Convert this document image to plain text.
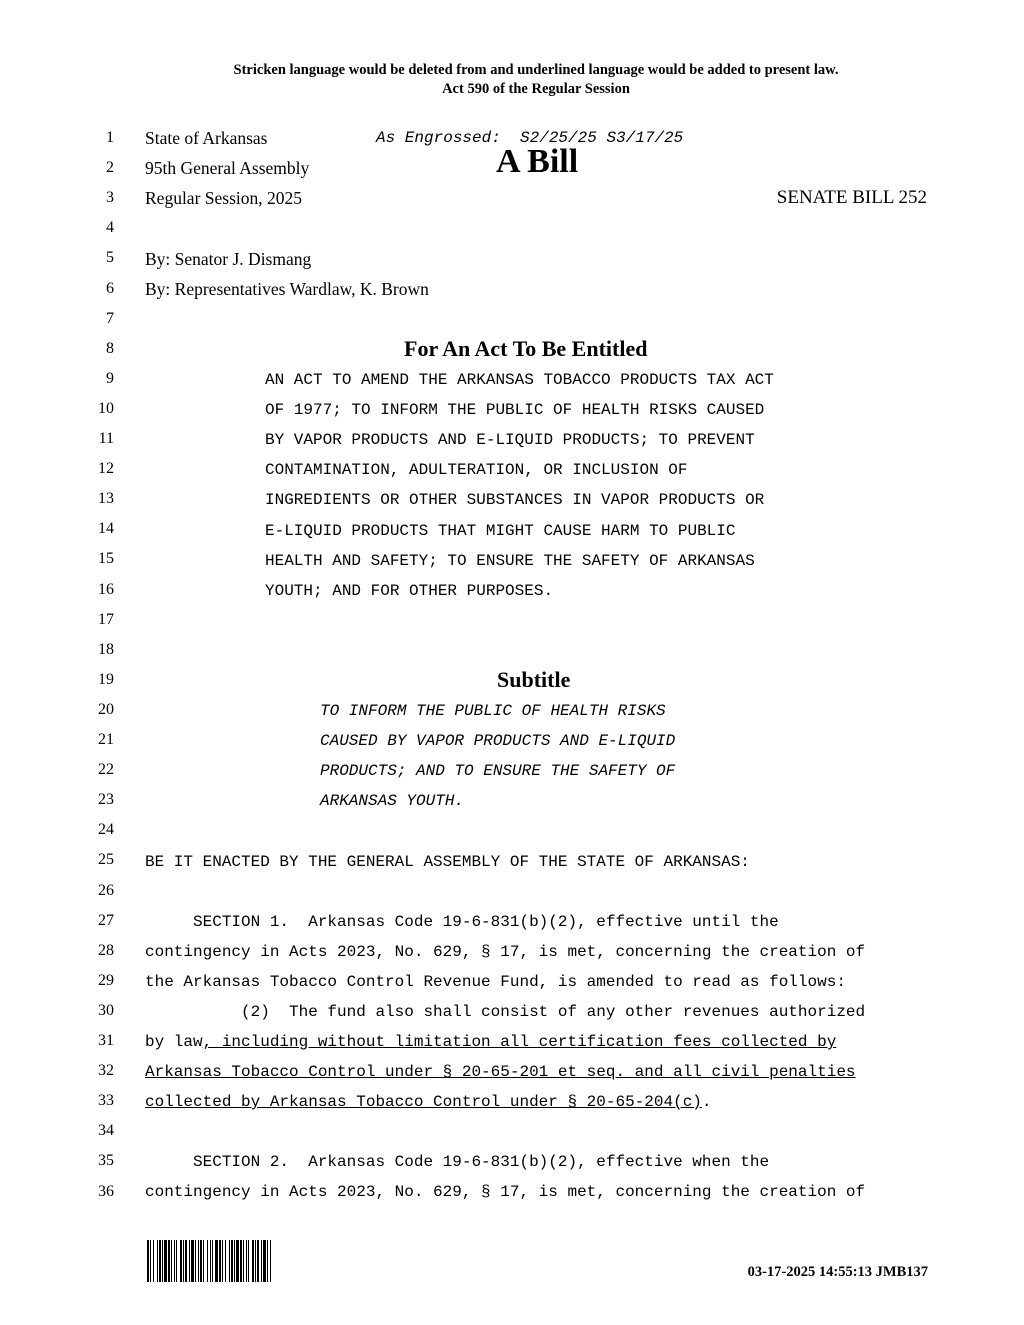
Stricken language would be deleted from and underlined language would be added to present law.
Act 590 of the Regular Session
1
2
3
4
5
6
7
8
9
10
11
12
13
14
15
16
17
18
19
20
21
22
23
24
25
26
27
28
29
30
31
32
33
34
35
36
State of Arkansas	As Engrossed:  S2/25/25 S3/17/25
95th General Assembly	A Bill
Regular Session, 2025	SENATE BILL 252
By: Senator J. Dismang
By: Representatives Wardlaw, K. Brown
For An Act To Be Entitled
AN ACT TO AMEND THE ARKANSAS TOBACCO PRODUCTS TAX ACT
OF 1977; TO INFORM THE PUBLIC OF HEALTH RISKS CAUSED
BY VAPOR PRODUCTS AND E-LIQUID PRODUCTS; TO PREVENT
CONTAMINATION, ADULTERATION, OR INCLUSION OF
INGREDIENTS OR OTHER SUBSTANCES IN VAPOR PRODUCTS OR
E-LIQUID PRODUCTS THAT MIGHT CAUSE HARM TO PUBLIC
HEALTH AND SAFETY; TO ENSURE THE SAFETY OF ARKANSAS
YOUTH; AND FOR OTHER PURPOSES.
Subtitle
TO INFORM THE PUBLIC OF HEALTH RISKS
CAUSED BY VAPOR PRODUCTS AND E-LIQUID
PRODUCTS; AND TO ENSURE THE SAFETY OF
ARKANSAS YOUTH.
BE IT ENACTED BY THE GENERAL ASSEMBLY OF THE STATE OF ARKANSAS:
SECTION 1.  Arkansas Code 19-6-831(b)(2), effective until the
contingency in Acts 2023, No. 629, § 17, is met, concerning the creation of
the Arkansas Tobacco Control Revenue Fund, is amended to read as follows:
(2)  The fund also shall consist of any other revenues authorized
by law, including without limitation all certification fees collected by
Arkansas Tobacco Control under § 20-65-201 et seq. and all civil penalties
collected by Arkansas Tobacco Control under § 20-65-204(c).
SECTION 2.  Arkansas Code 19-6-831(b)(2), effective when the
contingency in Acts 2023, No. 629, § 17, is met, concerning the creation of
03-17-2025 14:55:13 JMB137
